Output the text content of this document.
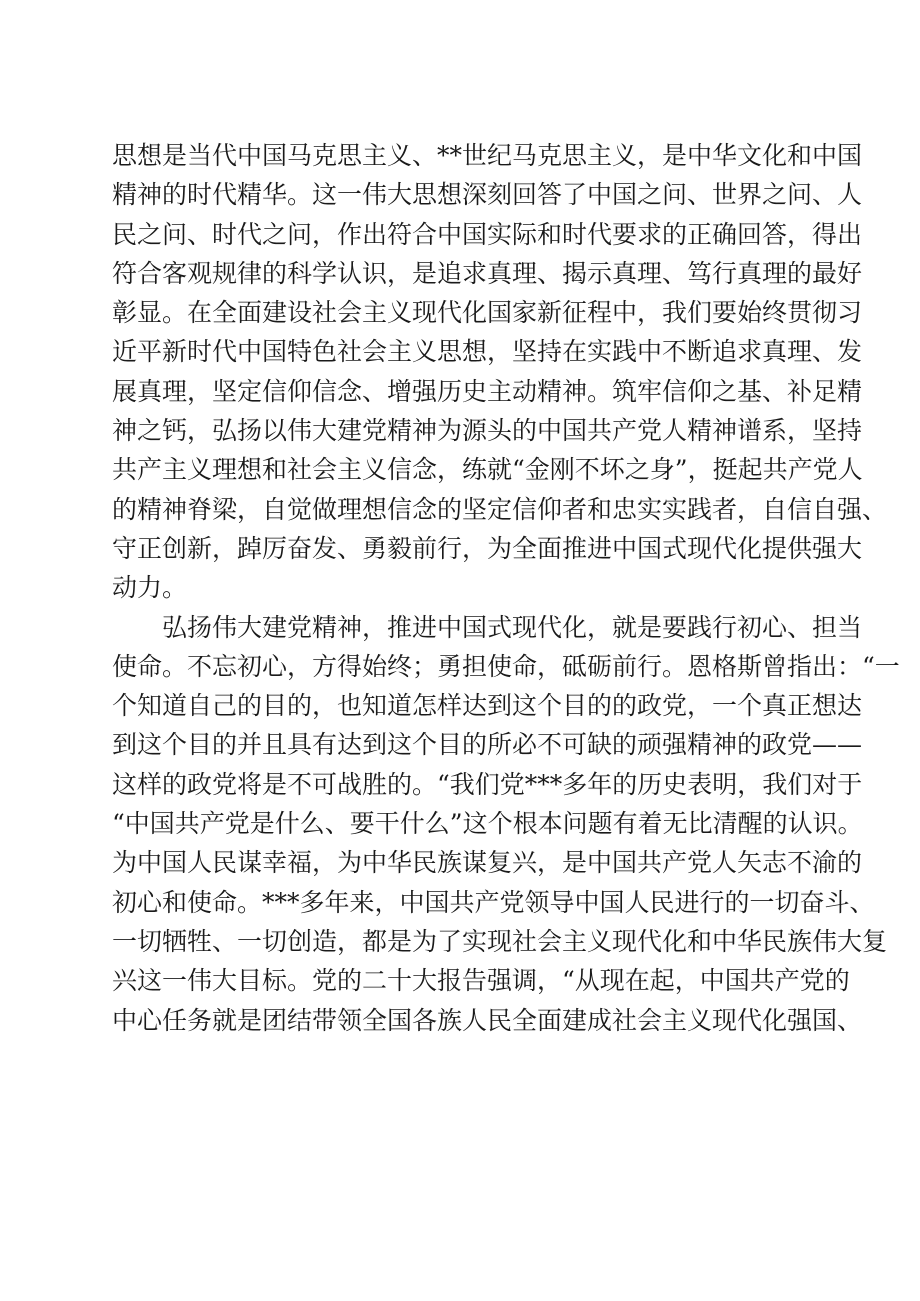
思想是当代中国马克思主义、**世纪马克思主义，是中华文化和中国
精神的时代精华。这一伟大思想深刻回答了中国之问、世界之问、人
民之问、时代之问，作出符合中国实际和时代要求的正确回答，得出
符合客观规律的科学认识，是追求真理、揭示真理、笃行真理的最好
彰显。在全面建设社会主义现代化国家新征程中，我们要始终贯彻习
近平新时代中国特色社会主义思想，坚持在实践中不断追求真理、发
展真理，坚定信仰信念、增强历史主动精神。筑牢信仰之基、补足精
神之钙，弘扬以伟大建党精神为源头的中国共产党人精神谱系，坚持
共产主义理想和社会主义信念，练就“金刚不坏之身”，挺起共产党人
的精神脊梁，自觉做理想信念的坚定信仰者和忠实实践者，自信自强、
守正创新，踔厉奋发、勇毅前行，为全面推进中国式现代化提供强大
动力。
弘扬伟大建党精神，推进中国式现代化，就是要践行初心、担当
使命。不忘初心，方得始终；勇担使命，砥砺前行。恩格斯曾指出：“一
个知道自己的目的，也知道怎样达到这个目的的政党，一个真正想达
到这个目的并且具有达到这个目的所必不可缺的顽强精神的政党——
这样的政党将是不可战胜的。“我们党***多年的历史表明，我们对于
“中国共产党是什么、要干什么”这个根本问题有着无比清醒的认识。
为中国人民谋幸福，为中华民族谋复兴，是中国共产党人矢志不渝的
初心和使命。***多年来，中国共产党领导中国人民进行的一切奋斗、
一切牺牲、一切创造，都是为了实现社会主义现代化和中华民族伟大复
兴这一伟大目标。党的二十大报告强调，“从现在起，中国共产党的
中心任务就是团结带领全国各族人民全面建成社会主义现代化强国、
